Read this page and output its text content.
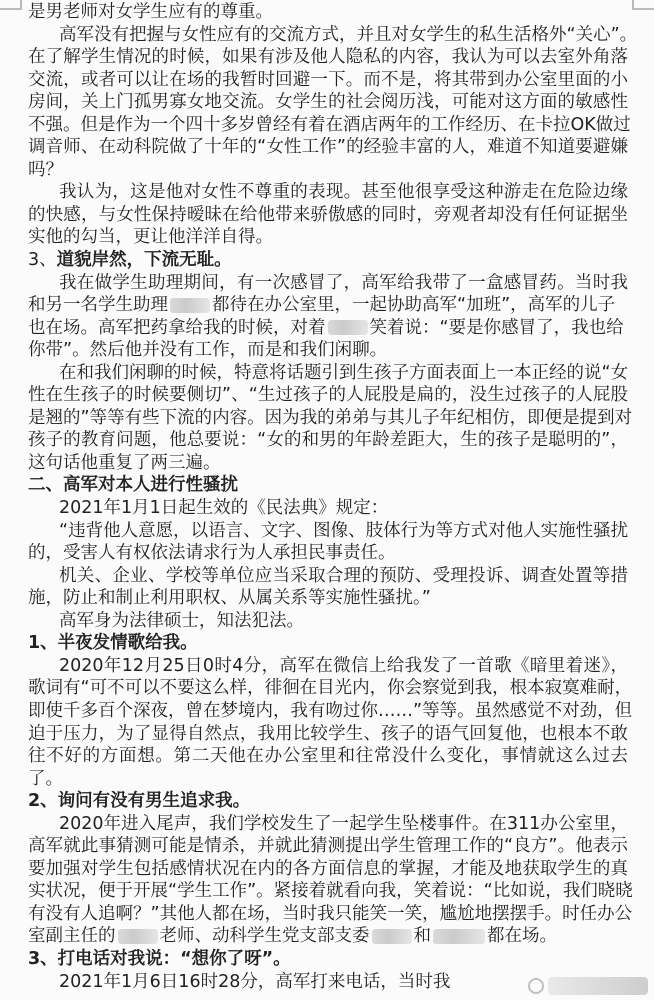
是男老师对女学生应有的尊重。
高军没有把握与女性应有的交流方式，并且对女学生的私生活格外“关心”。
在了解学生情况的时候，如果有涉及他人隐私的内容，我认为可以去室外角落
交流，或者可以让在场的我暂时回避一下。而不是，将其带到办公室里面的小
房间，关上门孤男寡女地交流。女学生的社会阅历浅，可能对这方面的敏感性
不强。但是作为一个四十多岁曾经有着在酒店两年的工作经历、在卡拉OK做过
调音师、在动科院做了十年的“女性工作”的经验丰富的人，难道不知道要避嫌
吗？
我认为，这是他对女性不尊重的表现。甚至他很享受这种游走在危险边缘
的快感，与女性保持暧昧在给他带来骄傲感的同时，旁观者却没有任何证据坐
实他的勾当，更让他洋洋自得。
3、道貌岸然，下流无耻。
我在做学生助理期间，有一次感冒了，高军给我带了一盒感冒药。当时我
和另一名学生助理	都待在办公室里，一起协助高军“加班”，高军的儿子
也在场。高军把药拿给我的时候，对着	笑着说：“要是你感冒了，我也给
你带”。然后他并没有工作，而是和我们闲聊。
在和我们闲聊的时候，特意将话题引到生孩子方面表面上一本正经的说“女
性在生孩子的时候要侧切”、“生过孩子的人屁股是扁的，没生过孩子的人屁股
是翘的”等等有些下流的内容。因为我的弟弟与其儿子年纪相仿，即便是提到对
孩子的教育问题，他总要说：“女的和男的年龄差距大，生的孩子是聪明的”，
这句话他重复了两三遍。
二、高军对本人进行性骚扰
2021年1月1日起生效的《民法典》规定：
“违背他人意愿，以语言、文字、图像、肢体行为等方式对他人实施性骚扰
的，受害人有权依法请求行为人承担民事责任。
机关、企业、学校等单位应当采取合理的预防、受理投诉、调查处置等措
施，防止和制止利用职权、从属关系等实施性骚扰。”
高军身为法律硕士，知法犯法。
1、半夜发情歌给我。
2020年12月25日0时4分，高军在微信上给我发了一首歌《暗里着迷》，
歌词有“可不可以不要这么样，徘徊在目光内，你会察觉到我，根本寂寞难耐，
即使千多百个深夜，曾在梦境内，我有吻过你……”等等。虽然感觉不对劲，但
迫于压力，为了显得自然点，我用比较学生、孩子的语气回复他，也根本不敢
往不好的方面想。第二天他在办公室里和往常没什么变化，事情就这么过去
了。
2、询问有没有男生追求我。
2020年进入尾声，我们学校发生了一起学生坠楼事件。在311办公室里，
高军就此事猜测可能是情杀，并就此猜测提出学生管理工作的“良方”。他表示
要加强对学生包括感情状况在内的各方面信息的掌握，才能及地获取学生的真
实状况，便于开展“学生工作”。紧接着就看向我，笑着说：“比如说，我们晓晓
有没有人追啊？”其他人都在场，当时我只能笑一笑，尴尬地摆摆手。时任办公
室副主任的	老师、动科学生党支部支委	和	都在场。
3、打电话对我说：“想你了呀”。
2021年1月6日16时28分，高军打来电话，当时我
